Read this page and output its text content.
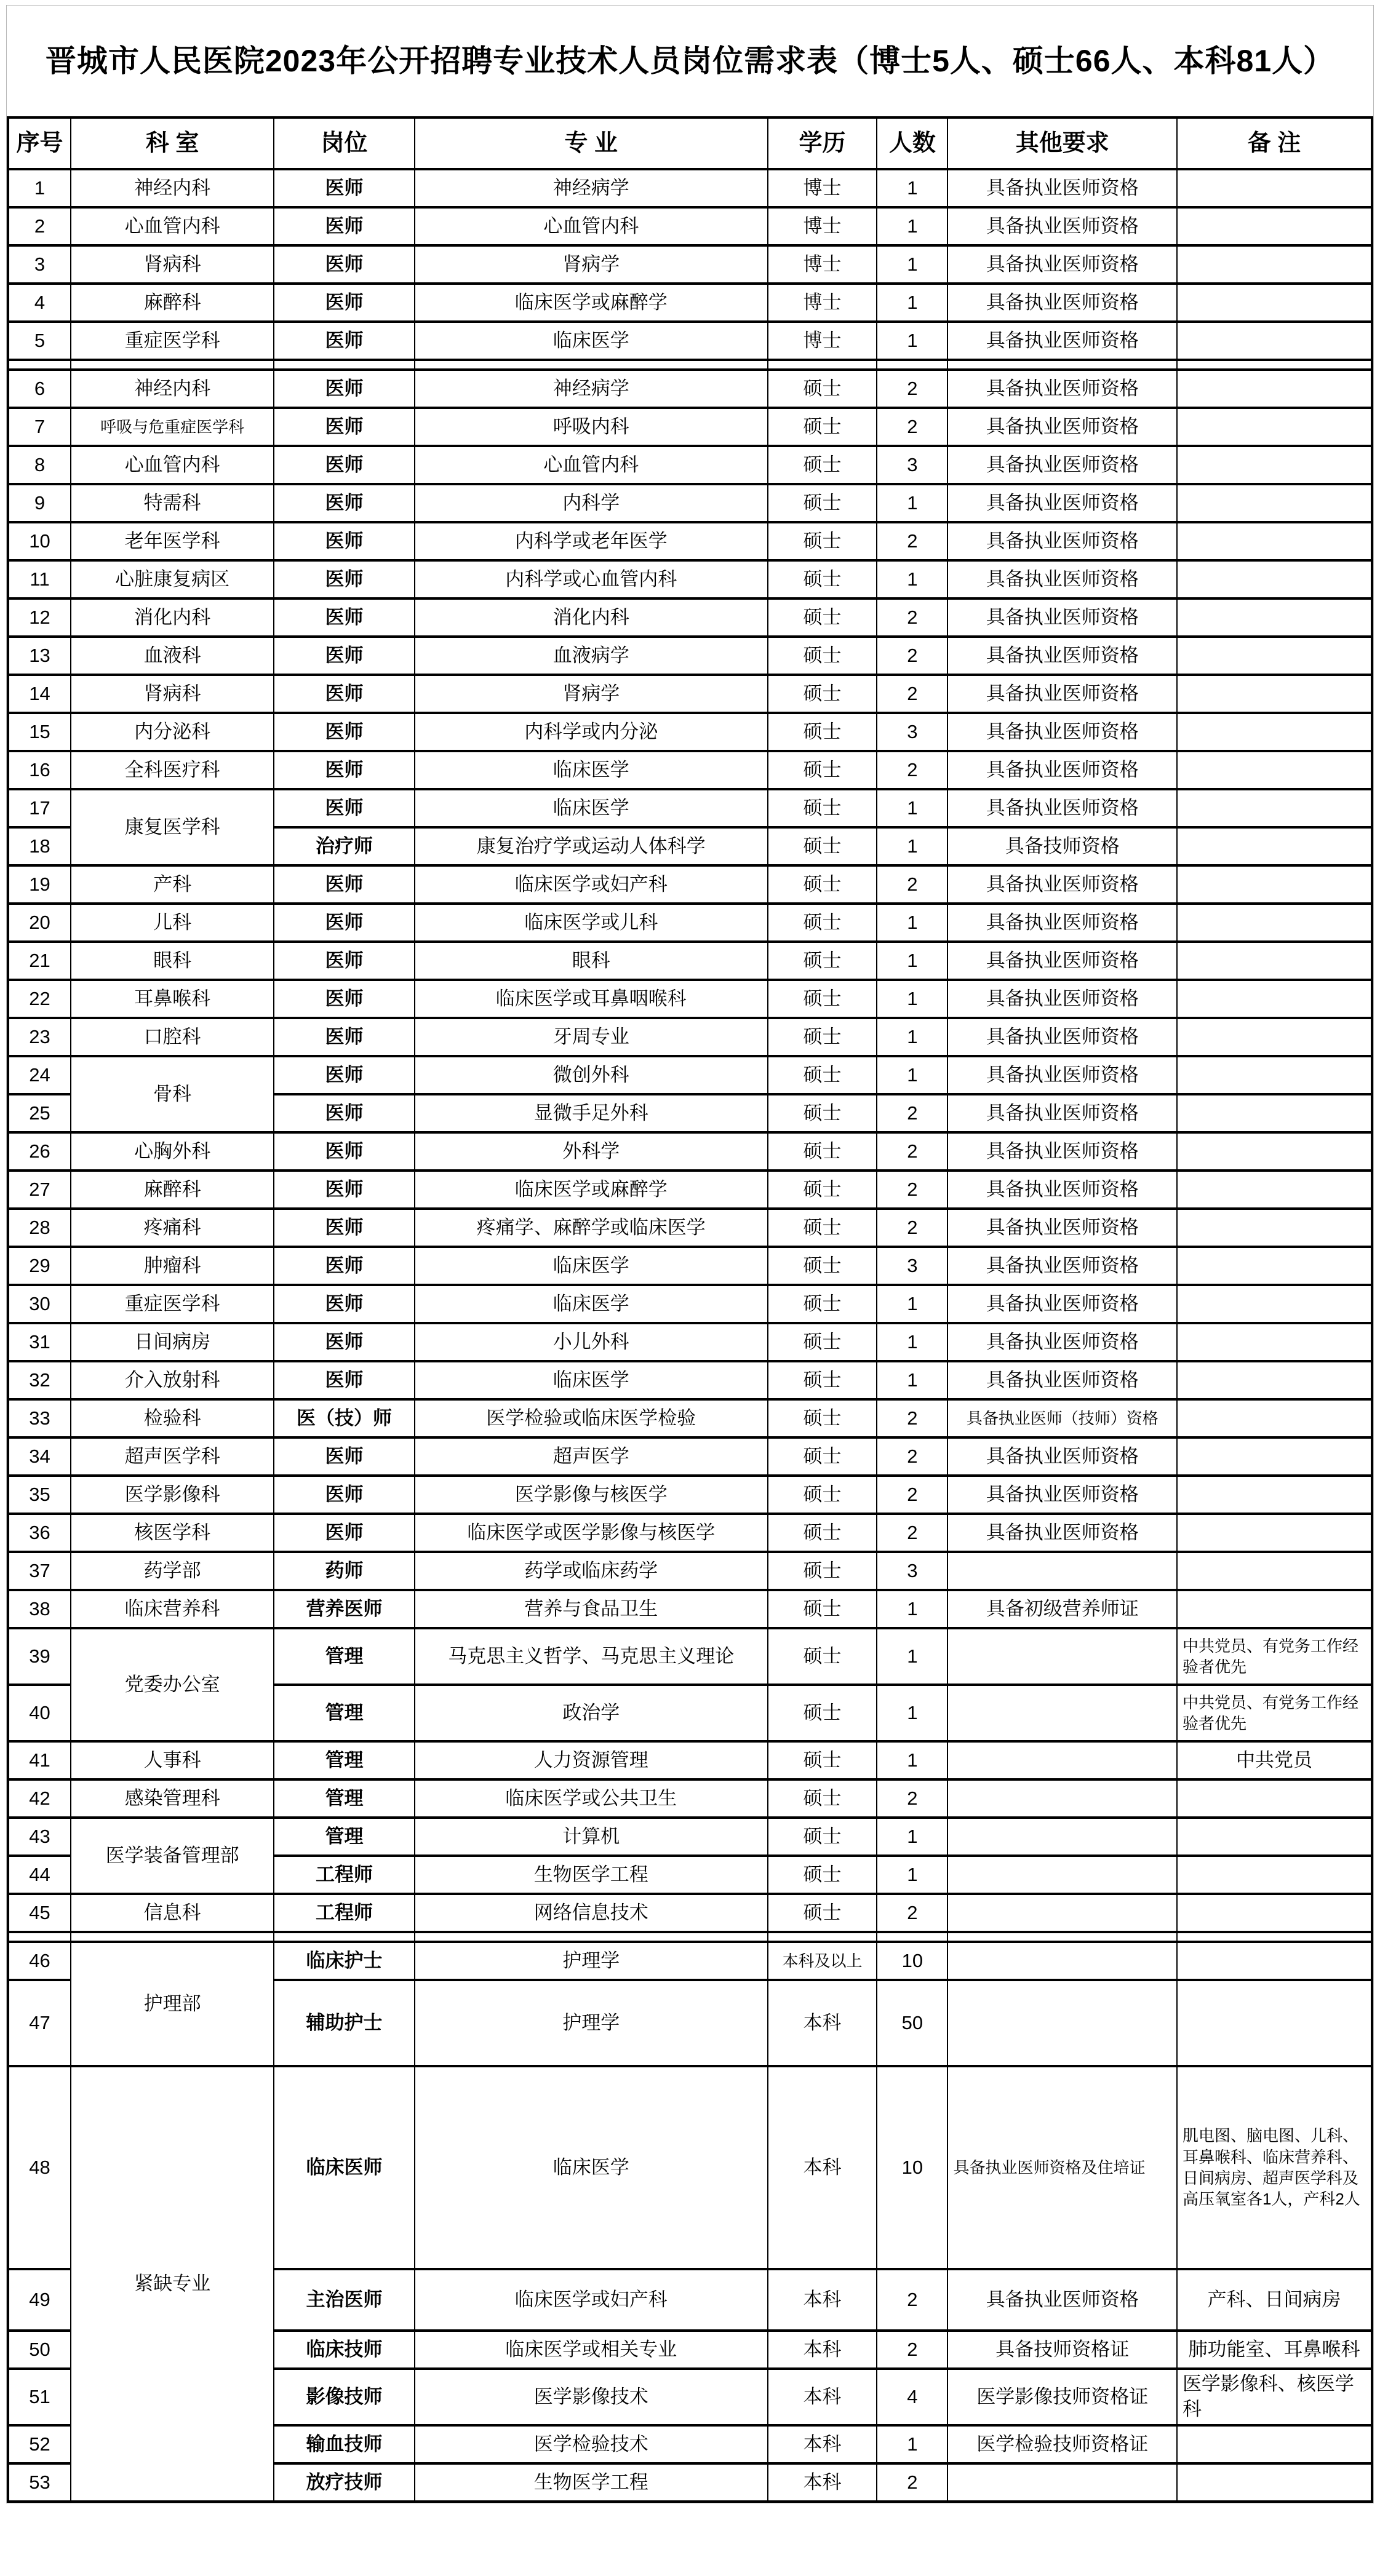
晋城市人民医院2023年公开招聘专业技术人员岗位需求表（博士5人、硕士66人、本科81人）
序号	科 室	岗位	专 业	学历	人数	其他要求	备 注
1	神经内科	医师	神经病学	博士	1	具备执业医师资格	
2	心血管内科	医师	心血管内科	博士	1	具备执业医师资格	
3	肾病科	医师	肾病学	博士	1	具备执业医师资格	
4	麻醉科	医师	临床医学或麻醉学	博士	1	具备执业医师资格	
5	重症医学科	医师	临床医学	博士	1	具备执业医师资格	

6	神经内科	医师	神经病学	硕士	2	具备执业医师资格	
7	呼吸与危重症医学科	医师	呼吸内科	硕士	2	具备执业医师资格	
8	心血管内科	医师	心血管内科	硕士	3	具备执业医师资格	
9	特需科	医师	内科学	硕士	1	具备执业医师资格	
10	老年医学科	医师	内科学或老年医学	硕士	2	具备执业医师资格	
11	心脏康复病区	医师	内科学或心血管内科	硕士	1	具备执业医师资格	
12	消化内科	医师	消化内科	硕士	2	具备执业医师资格	
13	血液科	医师	血液病学	硕士	2	具备执业医师资格	
14	肾病科	医师	肾病学	硕士	2	具备执业医师资格	
15	内分泌科	医师	内科学或内分泌	硕士	3	具备执业医师资格	
16	全科医疗科	医师	临床医学	硕士	2	具备执业医师资格	
17	康复医学科	医师	临床医学	硕士	1	具备执业医师资格	
18		治疗师	康复治疗学或运动人体科学	硕士	1	具备技师资格	
19	产科	医师	临床医学或妇产科	硕士	2	具备执业医师资格	
20	儿科	医师	临床医学或儿科	硕士	1	具备执业医师资格	
21	眼科	医师	眼科	硕士	1	具备执业医师资格	
22	耳鼻喉科	医师	临床医学或耳鼻咽喉科	硕士	1	具备执业医师资格	
23	口腔科	医师	牙周专业	硕士	1	具备执业医师资格	
24	骨科	医师	微创外科	硕士	1	具备执业医师资格	
25		医师	显微手足外科	硕士	2	具备执业医师资格	
26	心胸外科	医师	外科学	硕士	2	具备执业医师资格	
27	麻醉科	医师	临床医学或麻醉学	硕士	2	具备执业医师资格	
28	疼痛科	医师	疼痛学、麻醉学或临床医学	硕士	2	具备执业医师资格	
29	肿瘤科	医师	临床医学	硕士	3	具备执业医师资格	
30	重症医学科	医师	临床医学	硕士	1	具备执业医师资格	
31	日间病房	医师	小儿外科	硕士	1	具备执业医师资格	
32	介入放射科	医师	临床医学	硕士	1	具备执业医师资格	
33	检验科	医（技）师	医学检验或临床医学检验	硕士	2	具备执业医师（技师）资格	
34	超声医学科	医师	超声医学	硕士	2	具备执业医师资格	
35	医学影像科	医师	医学影像与核医学	硕士	2	具备执业医师资格	
36	核医学科	医师	临床医学或医学影像与核医学	硕士	2	具备执业医师资格	
37	药学部	药师	药学或临床药学	硕士	3		
38	临床营养科	营养医师	营养与食品卫生	硕士	1	具备初级营养师证	
39	党委办公室	管理	马克思主义哲学、马克思主义理论	硕士	1		中共党员、有党务工作经验者优先
40		管理	政治学	硕士	1		中共党员、有党务工作经验者优先
41	人事科	管理	人力资源管理	硕士	1		中共党员
42	感染管理科	管理	临床医学或公共卫生	硕士	2		
43	医学装备管理部	管理	计算机	硕士	1		
44		工程师	生物医学工程	硕士	1		
45	信息科	工程师	网络信息技术	硕士	2		

46	护理部	临床护士	护理学	本科及以上	10		
47		辅助护士	护理学	本科	50		
48	紧缺专业	临床医师	临床医学	本科	10	具备执业医师资格及住培证	肌电图、脑电图、儿科、耳鼻喉科、临床营养科、日间病房、超声医学科及高压氧室各1人，产科2人
49		主治医师	临床医学或妇产科	本科	2	具备执业医师资格	产科、日间病房
50		临床技师	临床医学或相关专业	本科	2	具备技师资格证	肺功能室、耳鼻喉科
51		影像技师	医学影像技术	本科	4	医学影像技师资格证	医学影像科、核医学科
52		输血技师	医学检验技术	本科	1	医学检验技师资格证	
53		放疗技师	生物医学工程	本科	2		
